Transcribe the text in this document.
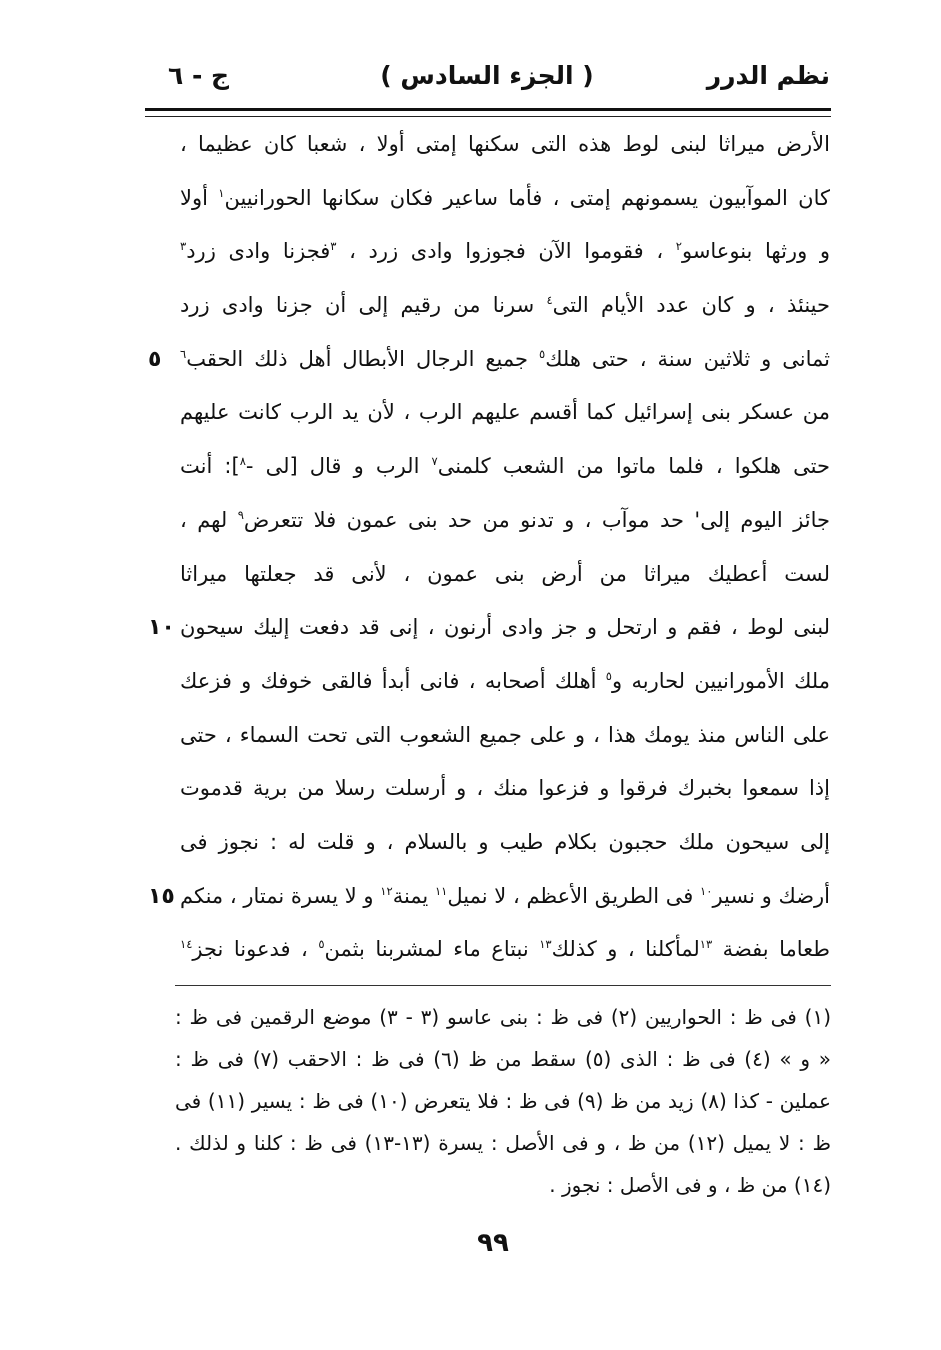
نظم الدرر
( الجزء السادس )
ج - ٦
الأرض ميراثا لبنى لوط هذه التى سكنها إمتى أولا ، شعبا كان عظيما ،
كان الموآبيون يسمونهم إمتى ، فأما ساعير فكان سكانها الحورانيين$^١$ أولا
و ورثها بنوعاسو$^٢$ ، فقوموا الآن فجوزوا وادى زرد ، $^٣$فجزنا وادى زرد$^٣$
حينئذ ، و كان عدد الأيام التى$^٤$ سرنا من رقيم إلى أن جزنا وادى زرد
٥	ثمانى و ثلاثين سنة ، حتى هلك$^٥$ جميع الرجال الأبطال أهل ذلك الحقب$^٦$
من عسكر بنى إسرائيل كما أقسم عليهم الرب ، لأن يد الرب كانت عليهم
حتى هلكوا ، فلما ماتوا من الشعب كلمنى$^٧$ الرب و قال [لى -$^٨$]: أنت
جائز اليوم إلى' حد موآب ، و تدنو من حد بنى عمون فلا تتعرض$^٩$ لهم ،
لست أعطيك ميراثا من أرض بنى عمون ، لأنى قد جعلتها ميراثا
١٠ لبنى لوط ، فقم و ارتحل و جز وادى أرنون ، إنى قد دفعت إليك سيحون
ملك الأمورانيين لحاربه و$^٥$ أهلك أصحابه ، فانى أبدأ فالقى خوفك و فزعك
على الناس منذ يومك هذا ، و على جميع الشعوب التى تحت السماء ، حتى
إذا سمعوا بخبرك فرقوا و فزعوا منك ، و أرسلت رسلا من برية قدموت
إلى سيحون ملك حجبون بكلام طيب و بالسلام ، و قلت له : نجوز فى
١٥	أرضك و نسير$^{١٠}$ فى الطريق الأعظم ، لا نميل$^{١١}$ يمنة$^{١٢}$ و لا يسرة نمتار ، منكم
طعاما بفضة $^{١٣}$لمأكلنا ، و كذلك$^{١٣}$ نبتاع ماء لمشربنا بثمن$^٥$ ، فدعونا نجز$^{١٤}$
(١) فى ظ : الحواريين (٢) فى ظ : بنى عاسو (٣ - ٣) موضع الرقمين فى ظ :
« و » (٤) فى ظ : الذى (٥) سقط من ظ (٦) فى ظ : الاحقب (٧) فى ظ :
عملين - كذا (٨) زيد من ظ (٩) فى ظ : فلا يتعرض (١٠) فى ظ : يسير (١١) فى
ظ : لا يميل (١٢) من ظ ، و فى الأصل : يسرة (١٣-١٣) فى ظ : كلنا و لذلك .
(١٤) من ظ ، و فى الأصل : نجوز .
٩٩
